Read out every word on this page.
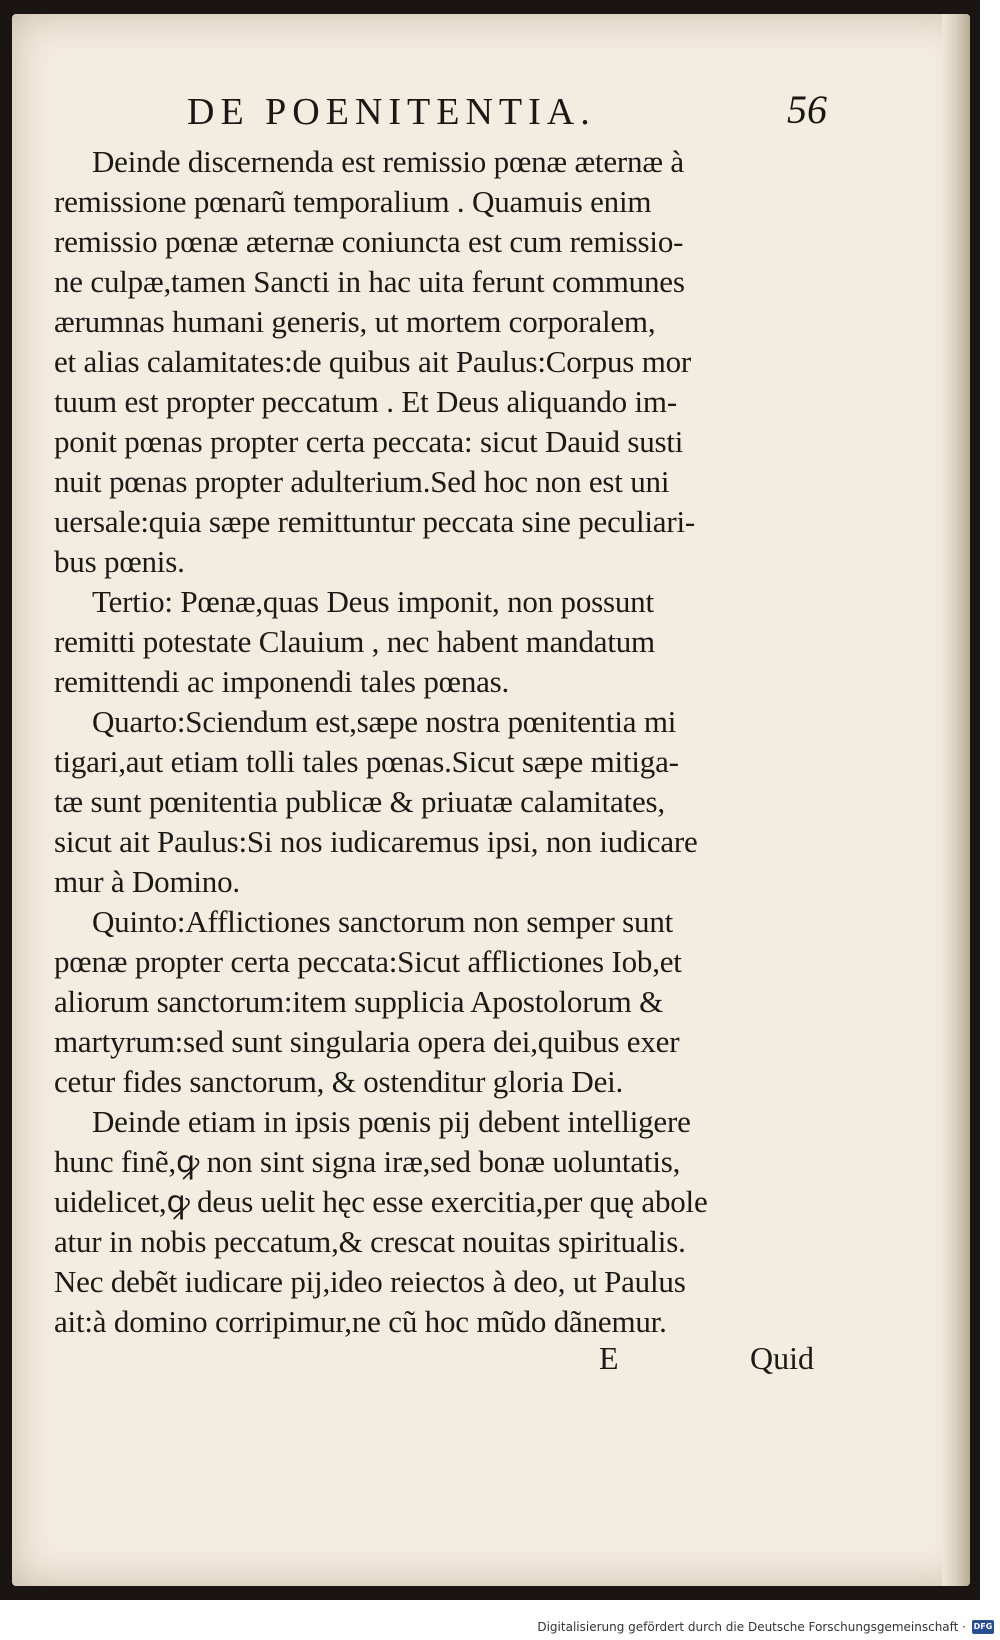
DE POENITENTIA.	56
Deinde discernenda est remissio pœnæ æternæ à
remissione pœnarũ temporalium . Quamuis enim
remissio pœnæ æternæ coniuncta est cum remissio-
ne culpæ,tamen Sancti in hac uita ferunt communes
ærumnas humani generis, ut mortem corporalem,
et alias calamitates:de quibus ait Paulus:Corpus mor
tuum est propter peccatum . Et Deus aliquando im-
ponit pœnas propter certa peccata: sicut Dauid susti
nuit pœnas propter adulterium.Sed hoc non est uni
uersale:quia sæpe remittuntur peccata sine peculiari-
bus pœnis.
Tertio: Pœnæ,quas Deus imponit, non possunt
remitti potestate Clauium , nec habent mandatum
remittendi ac imponendi tales pœnas.
Quarto:Sciendum est,sæpe nostra pœnitentia mi
tigari,aut etiam tolli tales pœnas.Sicut sæpe mitiga-
tæ sunt pœnitentia publicæ & priuatæ calamitates,
sicut ait Paulus:Si nos iudicaremus ipsi, non iudicare
mur à Domino.
Quinto:Afflictiones sanctorum non semper sunt
pœnæ propter certa peccata:Sicut afflictiones Iob,et
aliorum sanctorum:item supplicia Apostolorum &
martyrum:sed sunt singularia opera dei,quibus exer
cetur fides sanctorum, & ostenditur gloria Dei.
Deinde etiam in ipsis pœnis pij debent intelligere
hunc finẽ,ꝙ non sint signa iræ,sed bonæ uoluntatis,
uidelicet,ꝙ deus uelit hęc esse exercitia,per quę abole
atur in nobis peccatum,& crescat nouitas spiritualis.
Nec debẽt iudicare pij,ideo reiectos à deo, ut Paulus
ait:à domino corripimur,ne cũ hoc mũdo dãnemur.
E	Quid
Digitalisierung gefördert durch die Deutsche Forschungsgemeinschaft · DFG
